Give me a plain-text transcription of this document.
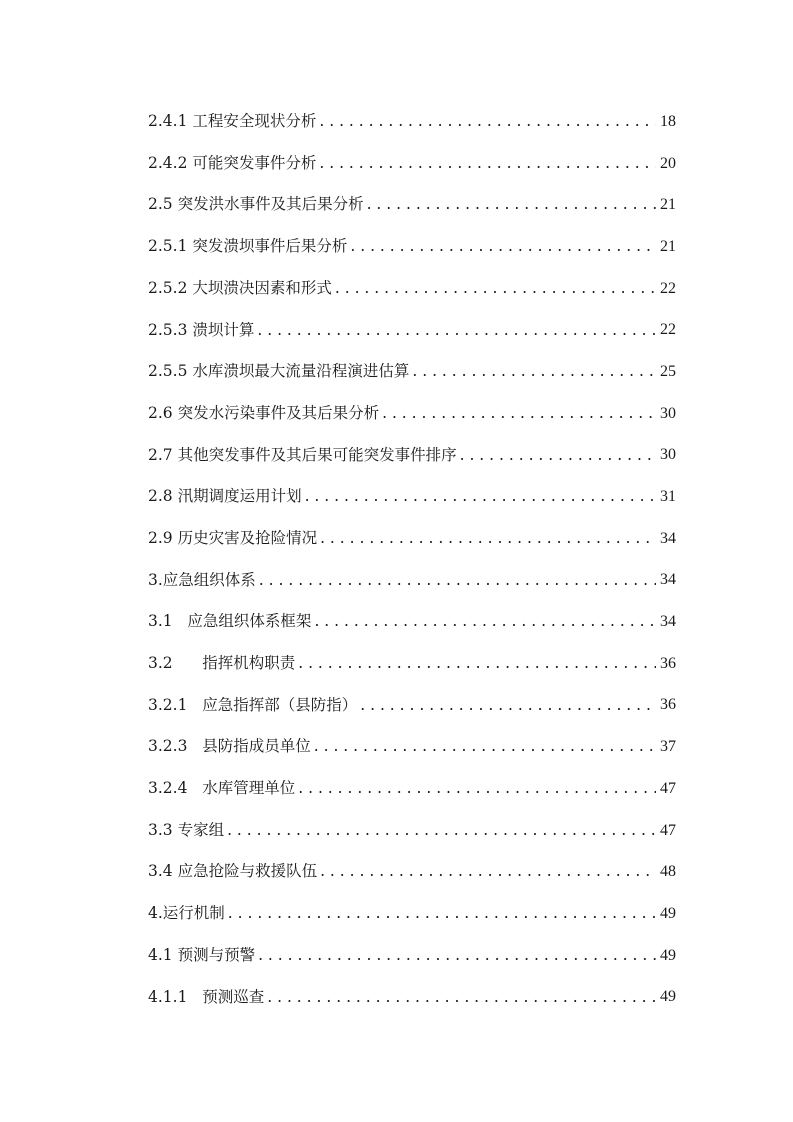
2.4.1 工程安全现状分析 . . .	18
2.4.2 可能突发事件分析 . . .	20
2.5 突发洪水事件及其后果分析 . . .	21
2.5.1 突发溃坝事件后果分析 . . .	21
2.5.2 大坝溃决因素和形式 . . .	22
2.5.3 溃坝计算 . . .	22
2.5.5 水库溃坝最大流量沿程演进估算 . . .	25
2.6 突发水污染事件及其后果分析 . . .	30
2.7 其他突发事件及其后果可能突发事件排序 . . .	30
2.8 汛期调度运用计划 . . .	31
2.9 历史灾害及抢险情况 . . .	34
3.应急组织体系 . . .	34
3.1   应急组织体系框架 . . .	34
3.2      指挥机构职责 . . .	36
3.2.1   应急指挥部（县防指） . . .	36
3.2.3   县防指成员单位 . . .	37
3.2.4   水库管理单位 . . .	47
3.3 专家组 . . .	47
3.4 应急抢险与救援队伍 . . .	48
4.运行机制 . . .	49
4.1 预测与预警 . . .	49
4.1.1   预测巡查 . . .	49
